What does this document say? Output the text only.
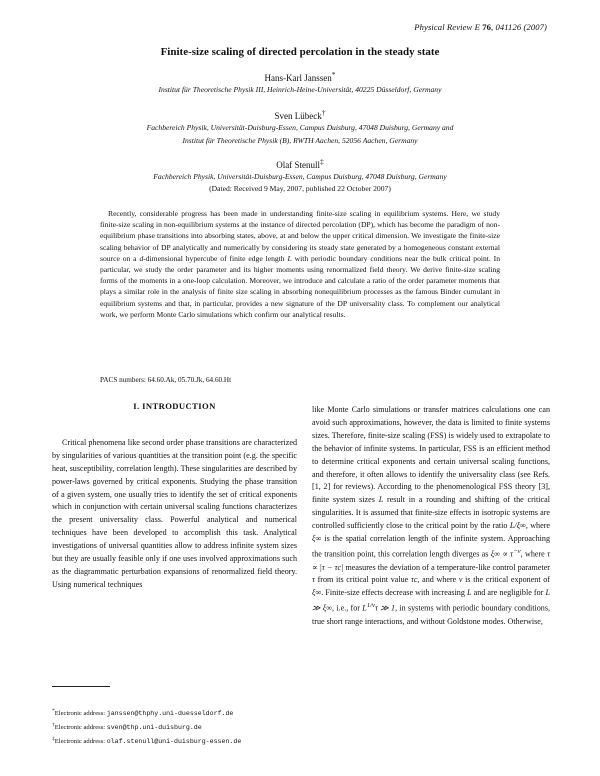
Physical Review E 76, 041126 (2007)
Finite-size scaling of directed percolation in the steady state
Hans-Karl Janssen*
Institut für Theoretische Physik III, Heinrich-Heine-Universität, 40225 Düsseldorf, Germany
Sven Lübeck†
Fachbereich Physik, Universität-Duisburg-Essen, Campus Duisburg, 47048 Duisburg, Germany and
Institut für Theoretische Physik (B), RWTH Aachen, 52056 Aachen, Germany
Olaf Stenull‡
Fachbereich Physik, Universität-Duisburg-Essen, Campus Duisburg, 47048 Duisburg, Germany
(Dated: Received 9 May, 2007, published 22 October 2007)
Recently, considerable progress has been made in understanding finite-size scaling in equilibrium systems. Here, we study finite-size scaling in non-equilibrium systems at the instance of directed percolation (DP), which has become the paradigm of non-equilibrium phase transitions into absorbing states, above, at and below the upper critical dimension. We investigate the finite-size scaling behavior of DP analytically and numerically by considering its steady state generated by a homogeneous constant external source on a d-dimensional hypercube of finite edge length L with periodic boundary conditions near the bulk critical point. In particular, we study the order parameter and its higher moments using renormalized field theory. We derive finite-size scaling forms of the moments in a one-loop calculation. Moreover, we introduce and calculate a ratio of the order parameter moments that plays a similar role in the analysis of finite size scaling in absorbing nonequilibrium processes as the famous Binder cumulant in equilibrium systems and that, in particular, provides a new signature of the DP universality class. To complement our analytical work, we perform Monte Carlo simulations which confirm our analytical results.
PACS numbers: 64.60.Ak, 05.70.Jk, 64.60.Ht
I. INTRODUCTION

Critical phenomena like second order phase transitions are characterized by singularities of various quantities at the transition point (e.g. the specific heat, susceptibility, correlation length). These singularities are described by power-laws governed by critical exponents. Studying the phase transition of a given system, one usually tries to identify the set of critical exponents which in conjunction with certain universal scaling functions characterizes the present universality class. Powerful analytical and numerical techniques have been developed to accomplish this task. Analytical investigations of universal quantities allow to address infinite system sizes but they are usually feasible only if one uses involved approximations such as the diagrammatic perturbation expansions of renormalized field theory. Using numerical techniques

like Monte Carlo simulations or transfer matrices calculations one can avoid such approximations, however, the data is limited to finite systems sizes. Therefore, finite-size scaling (FSS) is widely used to extrapolate to the behavior of infinite systems. In particular, FSS is an efficient method to determine critical exponents and certain universal scaling functions, and therefore, it often allows to identify the universality class (see Refs. [1, 2] for reviews). According to the phenomenological FSS theory [3], finite system sizes L result in a rounding and shifting of the critical singularities. It is assumed that finite-size effects in isotropic systems are controlled sufficiently close to the critical point by the ratio L/ξ∞, where ξ∞ is the spatial correlation length of the infinite system. Approaching the transition point, this correlation length diverges as $\xi\infty \propto \tau^{-\nu}$, where τ ∝ |τ − τc| measures the deviation of a temperature-like control parameter τ from its critical point value τc, and where ν is the critical exponent of ξ∞. Finite-size effects decrease with increasing L and are negligible for L ≫ ξ∞, i.e., for $L^{1/\nu}\tau$ ≫ 1, in systems with periodic boundary conditions, true short range interactions, and without Goldstone modes. Otherwise,

*Electronic address: janssen@thphy.uni-duesseldorf.de
†Electronic address: sven@thp.uni-duisburg.de
‡Electronic address: olaf.stenull@uni-duisburg-essen.de
